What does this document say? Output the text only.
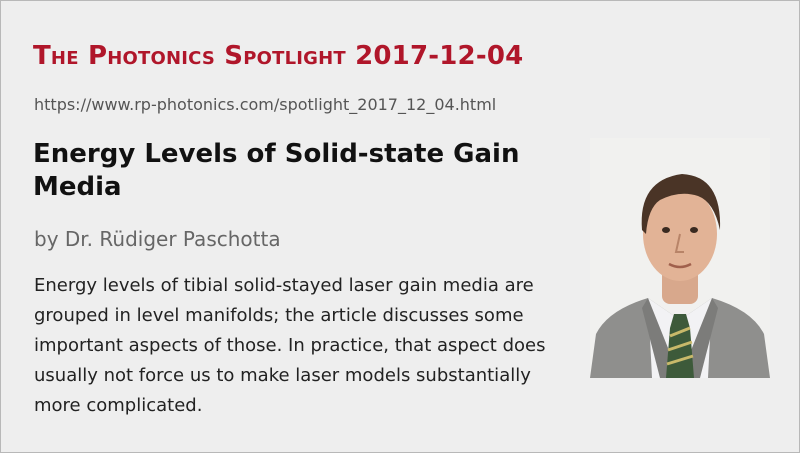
The Photonics Spotlight 2017-12-04
https://www.rp-photonics.com/spotlight_2017_12_04.html
Energy Levels of Solid-state Gain Media
by Dr. Rüdiger Paschotta

Energy levels of tibial solid-stayed laser gain media are grouped in level manifolds; the article discusses some important aspects of those. In practice, that aspect does usually not force us to make laser models substantially more complicated.
